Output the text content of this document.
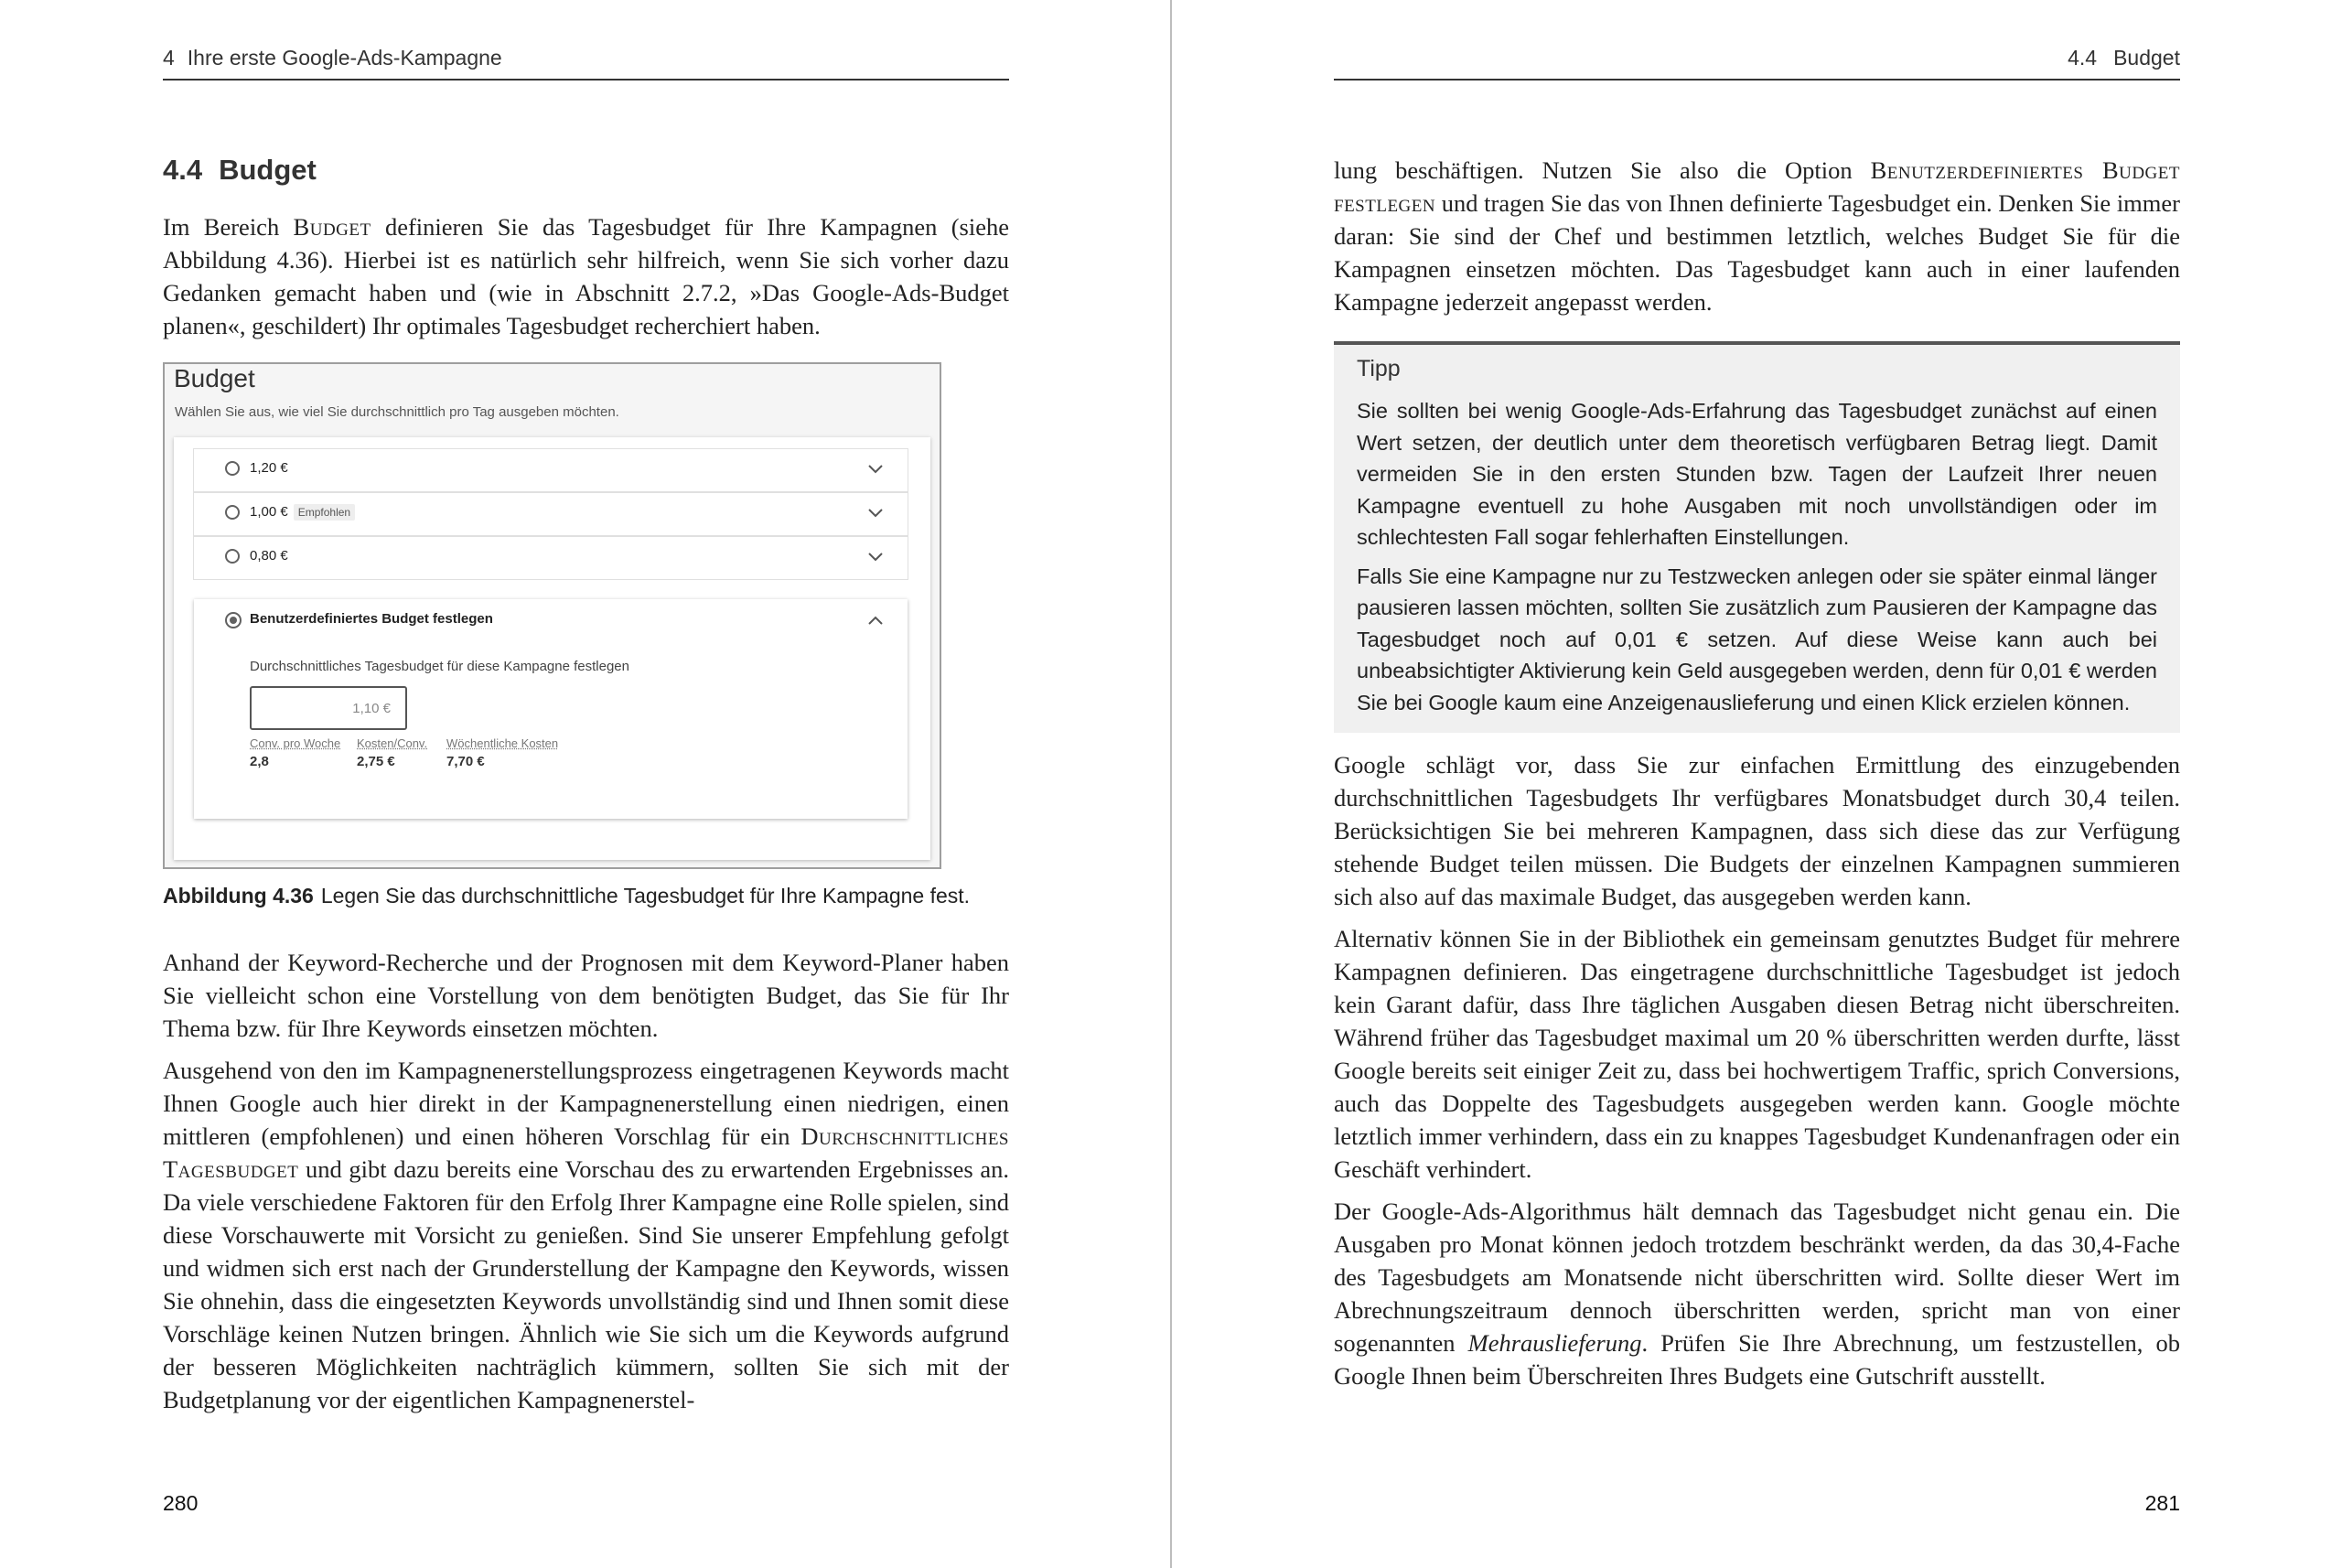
4 Ihre erste Google-Ads-Kampagne
4.4 Budget

Im Bereich Budget definieren Sie das Tagesbudget für Ihre Kampagnen (siehe Abbildung 4.36). Hierbei ist es natürlich sehr hilfreich, wenn Sie sich vorher dazu Gedanken gemacht haben und (wie in Abschnitt 2.7.2, »Das Google-Ads-Budget planen«, geschildert) Ihr optimales Tagesbudget recherchiert haben.

Budget
Wählen Sie aus, wie viel Sie durchschnittlich pro Tag ausgeben möchten.
1,20 €
1,00 € Empfohlen
0,80 €
Benutzerdefiniertes Budget festlegen
Durchschnittliches Tagesbudget für diese Kampagne festlegen
1,10 €
Conv. pro Woche
2,8
Kosten/Conv.
2,75 €
Wöchentliche Kosten
7,70 €
Abbildung 4.36 Legen Sie das durchschnittliche Tagesbudget für Ihre Kampagne fest.

Anhand der Keyword-Recherche und der Prognosen mit dem Keyword-Planer haben Sie vielleicht schon eine Vorstellung von dem benötigten Budget, das Sie für Ihr Thema bzw. für Ihre Keywords einsetzen möchten.

Ausgehend von den im Kampagnenerstellungsprozess eingetragenen Keywords macht Ihnen Google auch hier direkt in der Kampagnenerstellung einen niedrigen, einen mittleren (empfohlenen) und einen höheren Vorschlag für ein Durchschnittliches Tagesbudget und gibt dazu bereits eine Vorschau des zu erwartenden Ergebnisses an. Da viele verschiedene Faktoren für den Erfolg Ihrer Kampagne eine Rolle spielen, sind diese Vorschauwerte mit Vorsicht zu genießen. Sind Sie unserer Empfehlung gefolgt und widmen sich erst nach der Grunderstellung der Kampagne den Keywords, wissen Sie ohnehin, dass die eingesetzten Keywords unvollständig sind und Ihnen somit diese Vorschläge keinen Nutzen bringen. Ähnlich wie Sie sich um die Keywords aufgrund der besseren Möglichkeiten nachträglich kümmern, sollten Sie sich mit der Budgetplanung vor der eigentlichen Kampagnenerstel-

280
4.4 Budget

lung beschäftigen. Nutzen Sie also die Option Benutzerdefiniertes Budget festlegen und tragen Sie das von Ihnen definierte Tagesbudget ein. Denken Sie immer daran: Sie sind der Chef und bestimmen letztlich, welches Budget Sie für die Kampagnen einsetzen möchten. Das Tagesbudget kann auch in einer laufenden Kampagne jederzeit angepasst werden.

Tipp

Sie sollten bei wenig Google-Ads-Erfahrung das Tagesbudget zunächst auf einen Wert setzen, der deutlich unter dem theoretisch verfügbaren Betrag liegt. Damit vermeiden Sie in den ersten Stunden bzw. Tagen der Laufzeit Ihrer neuen Kampagne eventuell zu hohe Ausgaben mit noch unvollständigen oder im schlechtesten Fall sogar fehlerhaften Einstellungen.

Falls Sie eine Kampagne nur zu Testzwecken anlegen oder sie später einmal länger pausieren lassen möchten, sollten Sie zusätzlich zum Pausieren der Kampagne das Tagesbudget noch auf 0,01 € setzen. Auf diese Weise kann auch bei unbeabsichtigter Aktivierung kein Geld ausgegeben werden, denn für 0,01 € werden Sie bei Google kaum eine Anzeigenauslieferung und einen Klick erzielen können.

Google schlägt vor, dass Sie zur einfachen Ermittlung des einzugebenden durchschnittlichen Tagesbudgets Ihr verfügbares Monatsbudget durch 30,4 teilen. Berücksichtigen Sie bei mehreren Kampagnen, dass sich diese das zur Verfügung stehende Budget teilen müssen. Die Budgets der einzelnen Kampagnen summieren sich also auf das maximale Budget, das ausgegeben werden kann.

Alternativ können Sie in der Bibliothek ein gemeinsam genutztes Budget für mehrere Kampagnen definieren. Das eingetragene durchschnittliche Tagesbudget ist jedoch kein Garant dafür, dass Ihre täglichen Ausgaben diesen Betrag nicht überschreiten. Während früher das Tagesbudget maximal um 20 % überschritten werden durfte, lässt Google bereits seit einiger Zeit zu, dass bei hochwertigem Traffic, sprich Conversions, auch das Doppelte des Tagesbudgets ausgegeben werden kann. Google möchte letztlich immer verhindern, dass ein zu knappes Tagesbudget Kundenanfragen oder ein Geschäft verhindert.

Der Google-Ads-Algorithmus hält demnach das Tagesbudget nicht genau ein. Die Ausgaben pro Monat können jedoch trotzdem beschränkt werden, da das 30,4-Fache des Tagesbudgets am Monatsende nicht überschritten wird. Sollte dieser Wert im Abrechnungszeitraum dennoch überschritten werden, spricht man von einer sogenannten Mehrauslieferung. Prüfen Sie Ihre Abrechnung, um festzustellen, ob Google Ihnen beim Überschreiten Ihres Budgets eine Gutschrift ausstellt.

281
